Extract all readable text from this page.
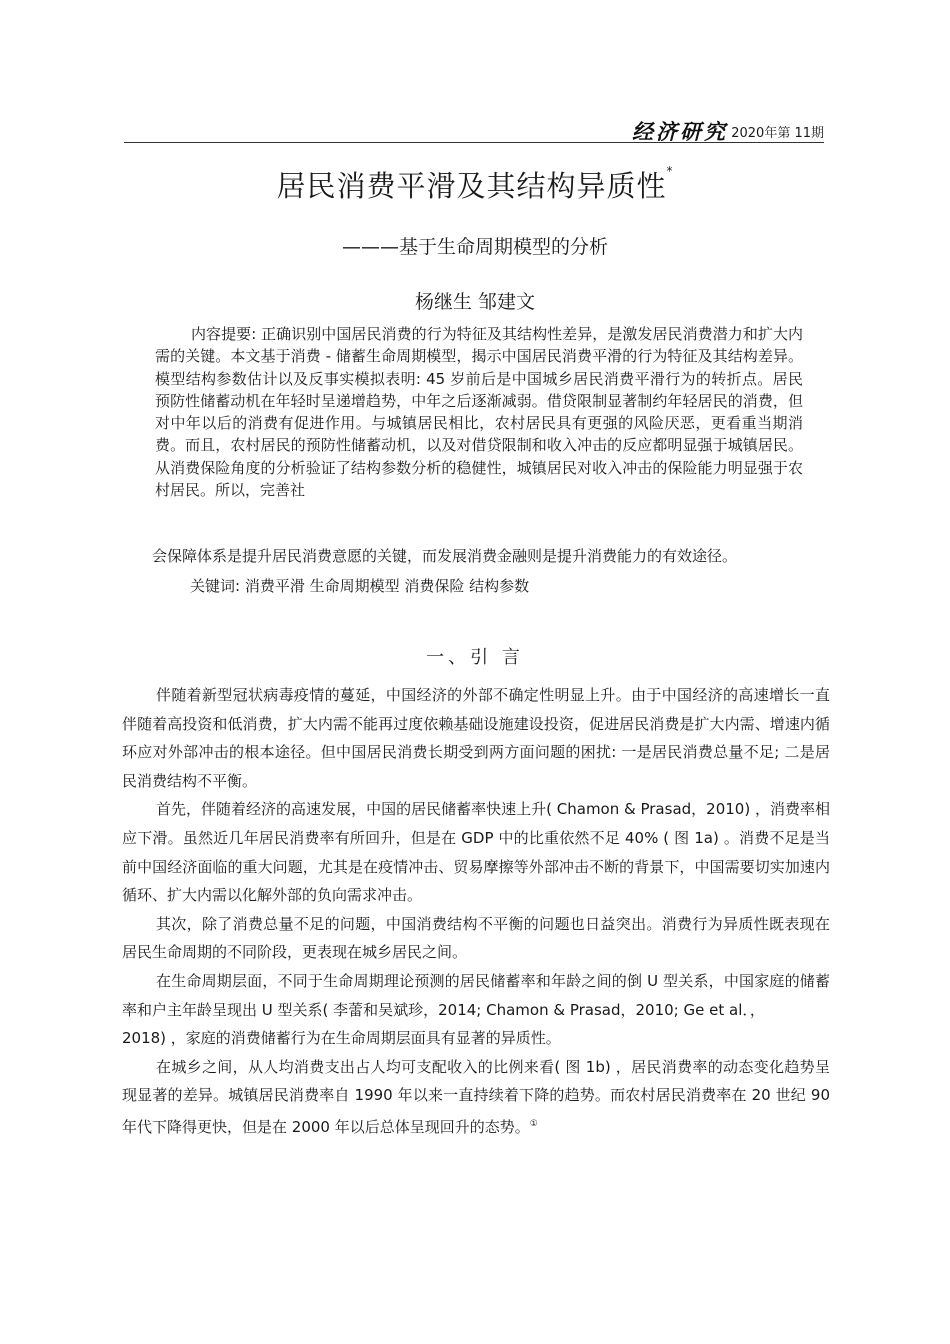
经济研究 2020年第 11期
居民消费平滑及其结构异质性*
———基于生命周期模型的分析
杨继生 邹建文

内容提要: 正确识别中国居民消费的行为特征及其结构性差异，是激发居民消费潜力和扩大内需的关键。本文基于消费 - 储蓄生命周期模型，揭示中国居民消费平滑的行为特征及其结构差异。模型结构参数估计以及反事实模拟表明: 45 岁前后是中国城乡居民消费平滑行为的转折点。居民预防性储蓄动机在年轻时呈递增趋势，中年之后逐渐减弱。借贷限制显著制约年轻居民的消费，但对中年以后的消费有促进作用。与城镇居民相比，农村居民具有更强的风险厌恶，更看重当期消费。而且，农村居民的预防性储蓄动机，以及对借贷限制和收入冲击的反应都明显强于城镇居民。从消费保险角度的分析验证了结构参数分析的稳健性，城镇居民对收入冲击的保险能力明显强于农村居民。所以，完善社

会保障体系是提升居民消费意愿的关键，而发展消费金融则是提升消费能力的有效途径。
关键词: 消费平滑 生命周期模型 消费保险 结构参数
一、引 言

伴随着新型冠状病毒疫情的蔓延，中国经济的外部不确定性明显上升。由于中国经济的高速增长一直伴随着高投资和低消费，扩大内需不能再过度依赖基础设施建设投资，促进居民消费是扩大内需、增速内循环应对外部冲击的根本途径。但中国居民消费长期受到两方面问题的困扰: 一是居民消费总量不足; 二是居民消费结构不平衡。

首先，伴随着经济的高速发展，中国的居民储蓄率快速上升( Chamon & Prasad，2010) ，消费率相应下滑。虽然近几年居民消费率有所回升，但是在 GDP 中的比重依然不足 40% ( 图 1a) 。消费不足是当前中国经济面临的重大问题，尤其是在疫情冲击、贸易摩擦等外部冲击不断的背景下，中国需要切实加速内循环、扩大内需以化解外部的负向需求冲击。

其次，除了消费总量不足的问题，中国消费结构不平衡的问题也日益突出。消费行为异质性既表现在居民生命周期的不同阶段，更表现在城乡居民之间。

在生命周期层面，不同于生命周期理论预测的居民储蓄率和年龄之间的倒 U 型关系，中国家庭的储蓄率和户主年龄呈现出 U 型关系( 李蕾和吴斌珍，2014; Chamon & Prasad，2010; Ge et al．，

2018) ，家庭的消费储蓄行为在生命周期层面具有显著的异质性。

在城乡之间，从人均消费支出占人均可支配收入的比例来看( 图 1b) ，居民消费率的动态变化趋势呈现显著的差异。城镇居民消费率自 1990 年以来一直持续着下降的趋势。而农村居民消费率在 20 世纪 90 年代下降得更快，但是在 2000 年以后总体呈现回升的态势。①
